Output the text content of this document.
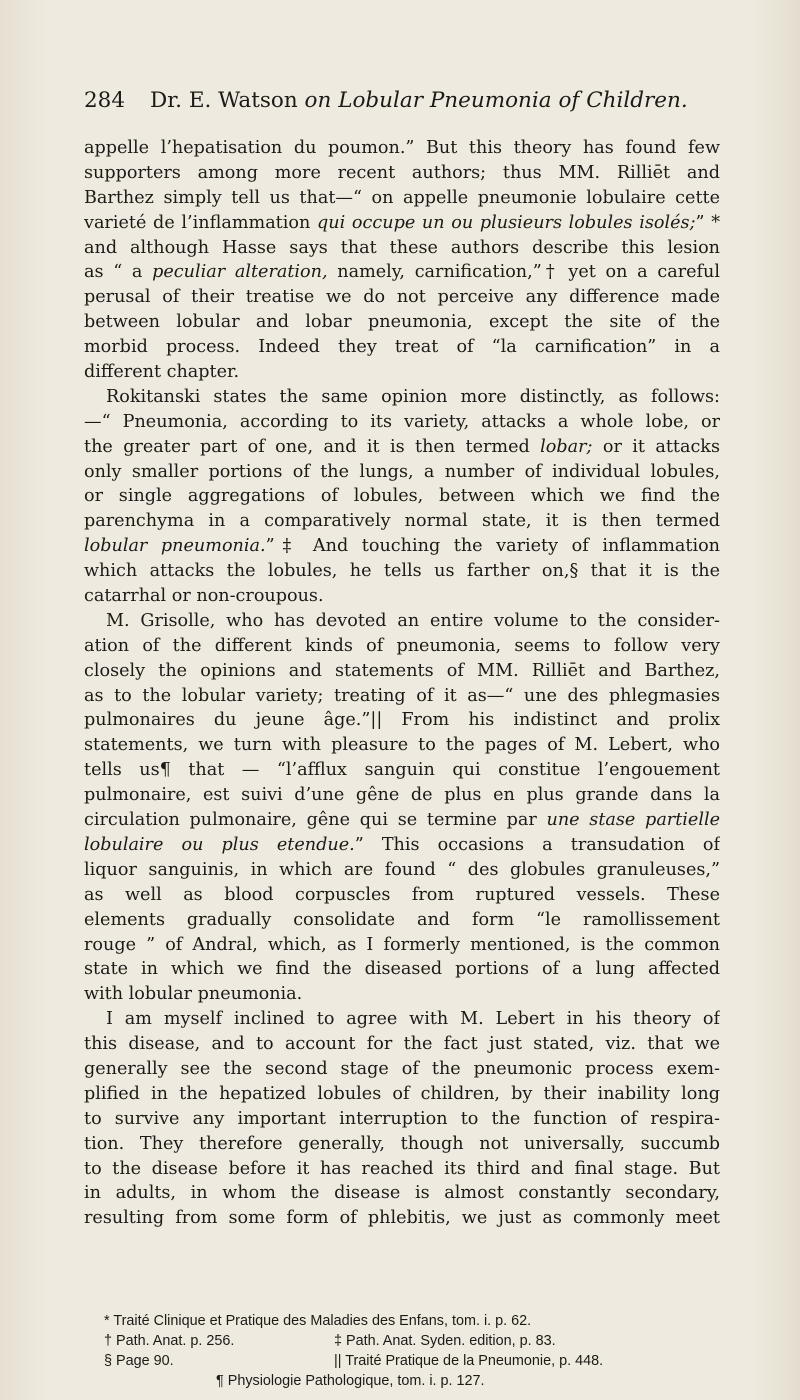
284 Dr. E. Watson on Lobular Pneumonia of Children.
appelle l’hepatisation du poumon.” But this theory has found few
supporters among more recent authors; thus MM. Rilliēt and
Barthez simply tell us that—“ on appelle pneumonie lobulaire cette
varieté de l’inflammation qui occupe un ou plusieurs lobules isolés;” *
and although Hasse says that these authors describe this lesion
as “ a peculiar alteration, namely, carnification,”† yet on a careful
perusal of their treatise we do not perceive any difference made
between lobular and lobar pneumonia, except the site of the
morbid process. Indeed they treat of “la carnification” in a
different chapter.
Rokitanski states the same opinion more distinctly, as follows:
—“ Pneumonia, according to its variety, attacks a whole lobe, or
the greater part of one, and it is then termed lobar; or it attacks
only smaller portions of the lungs, a number of individual lobules,
or single aggregations of lobules, between which we find the
parenchyma in a comparatively normal state, it is then termed
lobular pneumonia.”‡ And touching the variety of inflammation
which attacks the lobules, he tells us farther on,§ that it is the
catarrhal or non-croupous.
M. Grisolle, who has devoted an entire volume to the consider-
ation of the different kinds of pneumonia, seems to follow very
closely the opinions and statements of MM. Rilliēt and Barthez,
as to the lobular variety; treating of it as—“ une des phlegmasies
pulmonaires du jeune âge.”|| From his indistinct and prolix
statements, we turn with pleasure to the pages of M. Lebert, who
tells us¶ that — “l’afflux sanguin qui constitue l’engouement
pulmonaire, est suivi d’une gêne de plus en plus grande dans la
circulation pulmonaire, gêne qui se termine par une stase partielle
lobulaire ou plus etendue.” This occasions a transudation of
liquor sanguinis, in which are found “ des globules granuleuses,”
as well as blood corpuscles from ruptured vessels. These
elements gradually consolidate and form “le ramollissement
rouge ” of Andral, which, as I formerly mentioned, is the common
state in which we find the diseased portions of a lung affected
with lobular pneumonia.
I am myself inclined to agree with M. Lebert in his theory of
this disease, and to account for the fact just stated, viz. that we
generally see the second stage of the pneumonic process exem-
plified in the hepatized lobules of children, by their inability long
to survive any important interruption to the function of respira-
tion. They therefore generally, though not universally, succumb
to the disease before it has reached its third and final stage. But
in adults, in whom the disease is almost constantly secondary,
resulting from some form of phlebitis, we just as commonly meet
* Traité Clinique et Pratique des Maladies des Enfans, tom. i. p. 62.
† Path. Anat. p. 256.	‡ Path. Anat. Syden. edition, p. 83.
§ Page 90.	|| Traité Pratique de la Pneumonie, p. 448.
¶ Physiologie Pathologique, tom. i. p. 127.
